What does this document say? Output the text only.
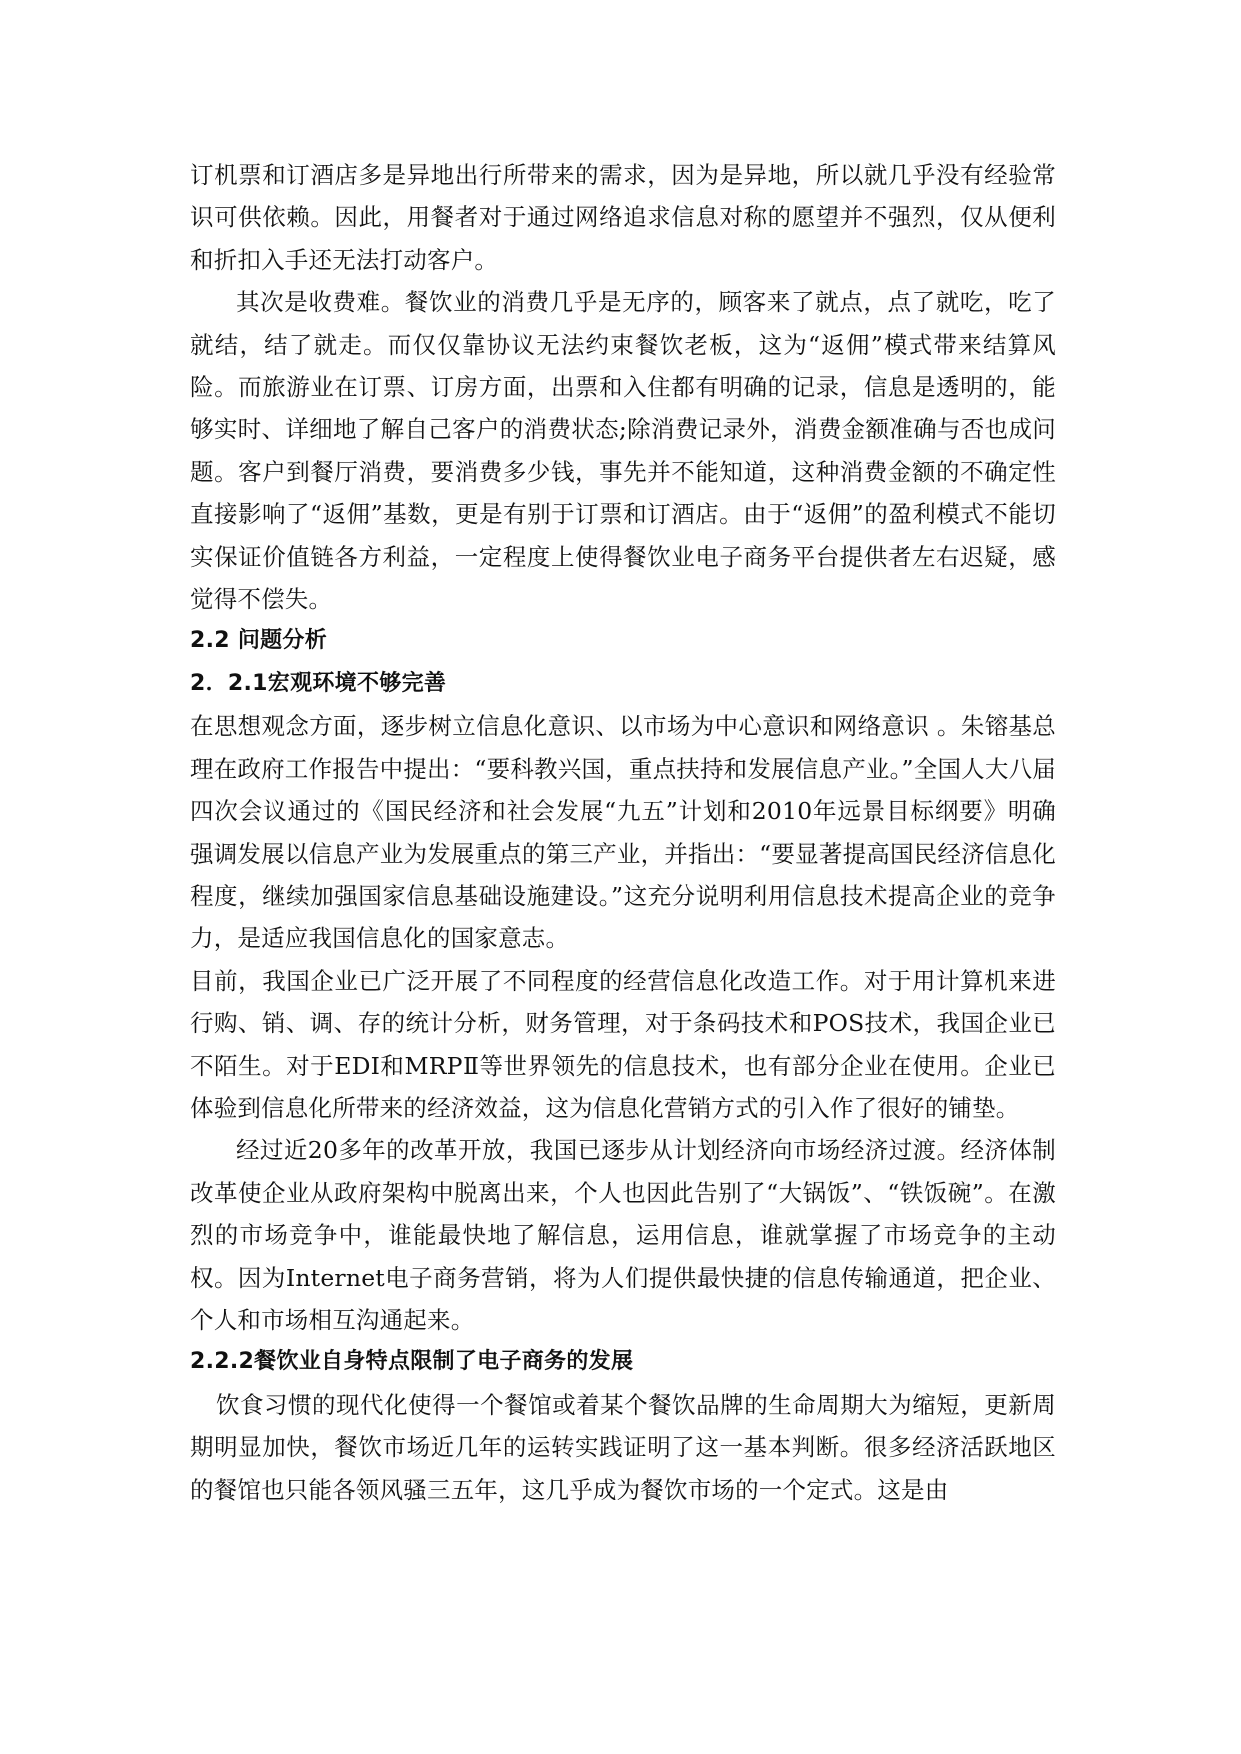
订机票和订酒店多是异地出行所带来的需求，因为是异地，所以就几乎没有经验常识可供依赖。因此，用餐者对于通过网络追求信息对称的愿望并不强烈，仅从便利和折扣入手还无法打动客户。

其次是收费难。餐饮业的消费几乎是无序的，顾客来了就点，点了就吃，吃了就结，结了就走。而仅仅靠协议无法约束餐饮老板，这为“返佣”模式带来结算风险。而旅游业在订票、订房方面，出票和入住都有明确的记录，信息是透明的，能够实时、详细地了解自己客户的消费状态;除消费记录外，消费金额准确与否也成问题。客户到餐厅消费，要消费多少钱，事先并不能知道，这种消费金额的不确定性直接影响了“返佣”基数，更是有别于订票和订酒店。由于“返佣”的盈利模式不能切实保证价值链各方利益，一定程度上使得餐饮业电子商务平台提供者左右迟疑，感觉得不偿失。

2.2 问题分析
2．2.1宏观环境不够完善

在思想观念方面，逐步树立信息化意识、以市场为中心意识和网络意识 。朱镕基总理在政府工作报告中提出：“要科教兴国，重点扶持和发展信息产业。”全国人大八届四次会议通过的《国民经济和社会发展“九五”计划和2010年远景目标纲要》明确强调发展以信息产业为发展重点的第三产业，并指出：“要显著提高国民经济信息化程度，继续加强国家信息基础设施建设。”这充分说明利用信息技术提高企业的竞争力，是适应我国信息化的国家意志。

目前，我国企业已广泛开展了不同程度的经营信息化改造工作。对于用计算机来进行购、销、调、存的统计分析，财务管理，对于条码技术和POS技术，我国企业已不陌生。对于EDI和MRPⅡ等世界领先的信息技术，也有部分企业在使用。企业已体验到信息化所带来的经济效益，这为信息化营销方式的引入作了很好的铺垫。

经过近20多年的改革开放，我国已逐步从计划经济向市场经济过渡。经济体制改革使企业从政府架构中脱离出来，个人也因此告别了“大锅饭”、“铁饭碗”。在激烈的市场竞争中，谁能最快地了解信息，运用信息，谁就掌握了市场竞争的主动权。因为Internet电子商务营销，将为人们提供最快捷的信息传输通道，把企业、个人和市场相互沟通起来。

2.2.2餐饮业自身特点限制了电子商务的发展

饮食习惯的现代化使得一个餐馆或着某个餐饮品牌的生命周期大为缩短，更新周期明显加快，餐饮市场近几年的运转实践证明了这一基本判断。很多经济活跃地区的餐馆也只能各领风骚三五年，这几乎成为餐饮市场的一个定式。这是由
